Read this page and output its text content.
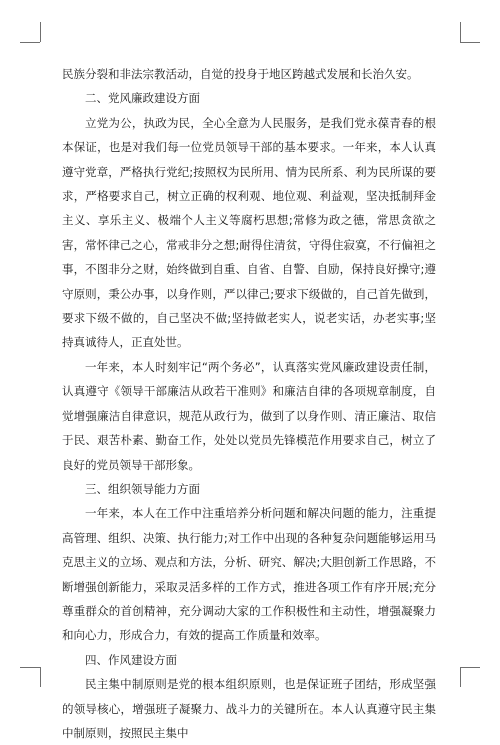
民族分裂和非法宗教活动，自觉的投身于地区跨越式发展和长治久安。

二、党风廉政建设方面

立党为公，执政为民，全心全意为人民服务，是我们党永葆青春的根本保证，也是对我们每一位党员领导干部的基本要求。一年来，本人认真遵守党章，严格执行党纪;按照权为民所用、情为民所系、利为民所谋的要求，严格要求自己，树立正确的权利观、地位观、利益观，坚决抵制拜金主义、享乐主义、极端个人主义等腐朽思想;常修为政之德，常思贪欲之害，常怀律己之心，常戒非分之想;耐得住清贫，守得住寂寞，不行偏袒之事，不图非分之财，始终做到自重、自省、自警、自励，保持良好操守;遵守原则，秉公办事，以身作则，严以律己;要求下级做的，自己首先做到，要求下级不做的，自己坚决不做;坚持做老实人，说老实话，办老实事;坚持真诚待人，正直处世。

一年来，本人时刻牢记“两个务必”，认真落实党风廉政建设责任制，认真遵守《领导干部廉洁从政若干准则》和廉洁自律的各项规章制度，自觉增强廉洁自律意识，规范从政行为，做到了以身作则、清正廉洁、取信于民、艰苦朴素、勤奋工作，处处以党员先锋模范作用要求自己，树立了良好的党员领导干部形象。

三、组织领导能力方面

一年来，本人在工作中注重培养分析问题和解决问题的能力，注重提高管理、组织、决策、执行能力;对工作中出现的各种复杂问题能够运用马克思主义的立场、观点和方法，分析、研究、解决;大胆创新工作思路，不断增强创新能力，采取灵活多样的工作方式，推进各项工作有序开展;充分尊重群众的首创精神，充分调动大家的工作积极性和主动性，增强凝聚力和向心力，形成合力，有效的提高工作质量和效率。

四、作风建设方面

民主集中制原则是党的根本组织原则，也是保证班子团结，形成坚强的领导核心，增强班子凝聚力、战斗力的关键所在。本人认真遵守民主集中制原则，按照民主集中
